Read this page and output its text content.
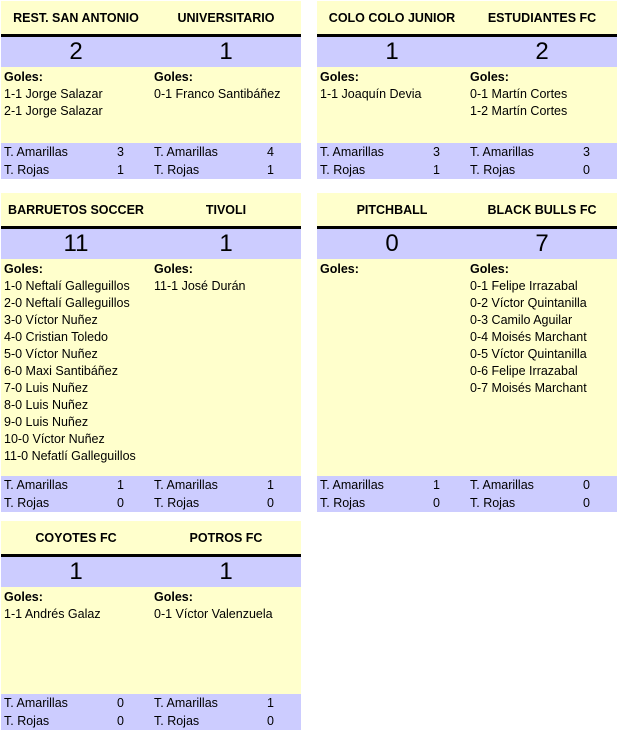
REST. SAN ANTONIO	UNIVERSITARIO
2	1
Goles:
1-1 Jorge Salazar
2-1 Jorge Salazar
Goles:
0-1 Franco Santibáñez
T. Amarillas	3
T. Rojas	1
T. Amarillas	4
T. Rojas	1
COLO COLO JUNIOR	ESTUDIANTES FC
1	2
Goles:
1-1 Joaquín Devia
Goles:
0-1 Martín Cortes
1-2 Martín Cortes
T. Amarillas	3
T. Rojas	1
T. Amarillas	3
T. Rojas	0
BARRUETOS SOCCER	TIVOLI
11	1
Goles:
1-0 Neftalí Galleguillos
2-0 Neftalí Galleguillos
3-0 Víctor Nuñez
4-0 Cristian Toledo
5-0 Víctor Nuñez
6-0 Maxi Santibáñez
7-0 Luis Nuñez
8-0 Luis Nuñez
9-0 Luis Nuñez
10-0 Víctor Nuñez
11-0 Nefatlí Galleguillos
Goles:
11-1 José Durán
T. Amarillas	1
T. Rojas	0
T. Amarillas	1
T. Rojas	0
PITCHBALL	BLACK BULLS FC
0	7
Goles:	Goles:
0-1 Felipe Irrazabal
0-2 Víctor Quintanilla
0-3 Camilo Aguilar
0-4 Moisés Marchant
0-5 Víctor Quintanilla
0-6 Felipe Irrazabal
0-7 Moisés Marchant
T. Amarillas	1
T. Rojas	0
T. Amarillas	0
T. Rojas	0
COYOTES FC	POTROS FC
1	1
Goles:
1-1 Andrés Galaz
Goles:
0-1 Víctor Valenzuela
T. Amarillas	0
T. Rojas	0
T. Amarillas	1
T. Rojas	0
